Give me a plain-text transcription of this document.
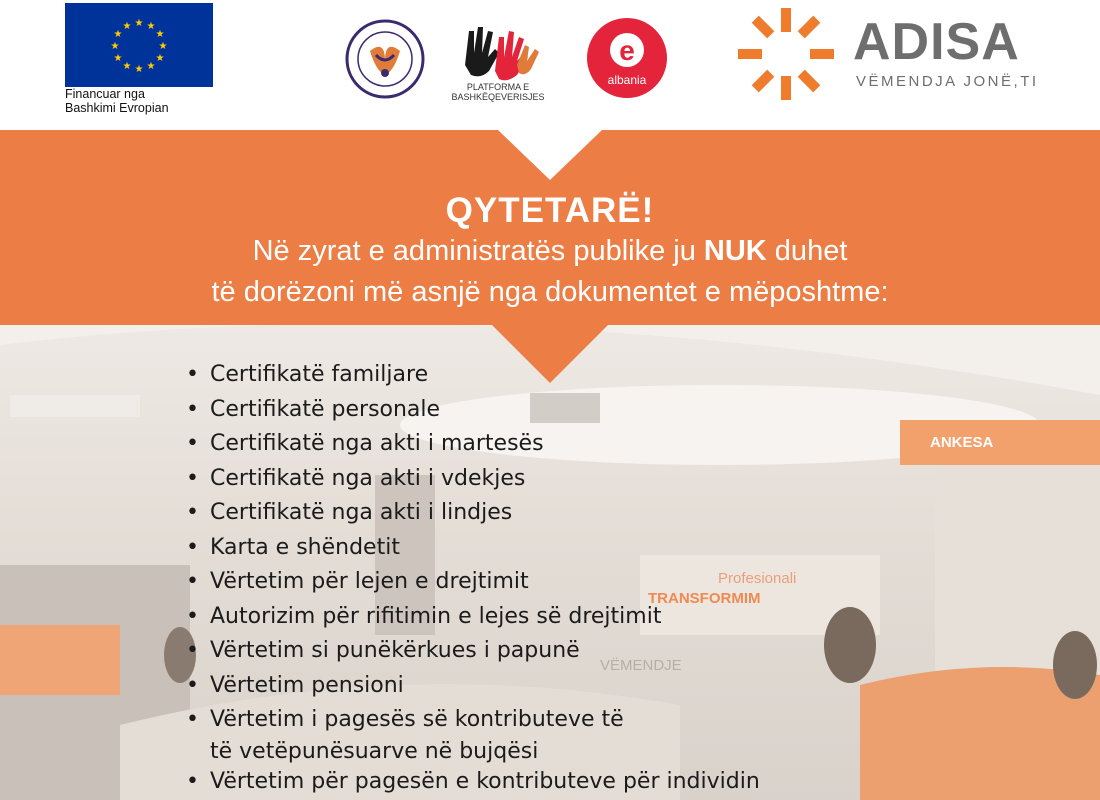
★ ★
★
★
★
★
★
★
★
★
★
★
Financuar nga
Bashkimi Evropian
PLATFORMA E
BASHKËQEVERISJES
e
albania
ADISA
VËMENDJA JONË,TI
ANKESA
Profesionali
TRANSFORMIM
VËMENDJE
QYTETARË!
Në zyrat e administratës publike ju NUK duhet
të dorëzoni më asnjë nga dokumentet e mëposhtme:
• Certifikatë familjare
• Certifikatë personale
• Certifikatë nga akti i martesës
• Certifikatë nga akti i vdekjes
• Certifikatë nga akti i lindjes
• Karta e shëndetit
• Vërtetim për lejen e drejtimit
• Autorizim për rifitimin e lejes së drejtimit
• Vërtetim si punëkërkues i papunë
• Vërtetim pensioni
• Vërtetim i pagesës së kontributeve të
të vetëpunësuarve në bujqësi
• Vërtetim për pagesën e kontributeve për individin
